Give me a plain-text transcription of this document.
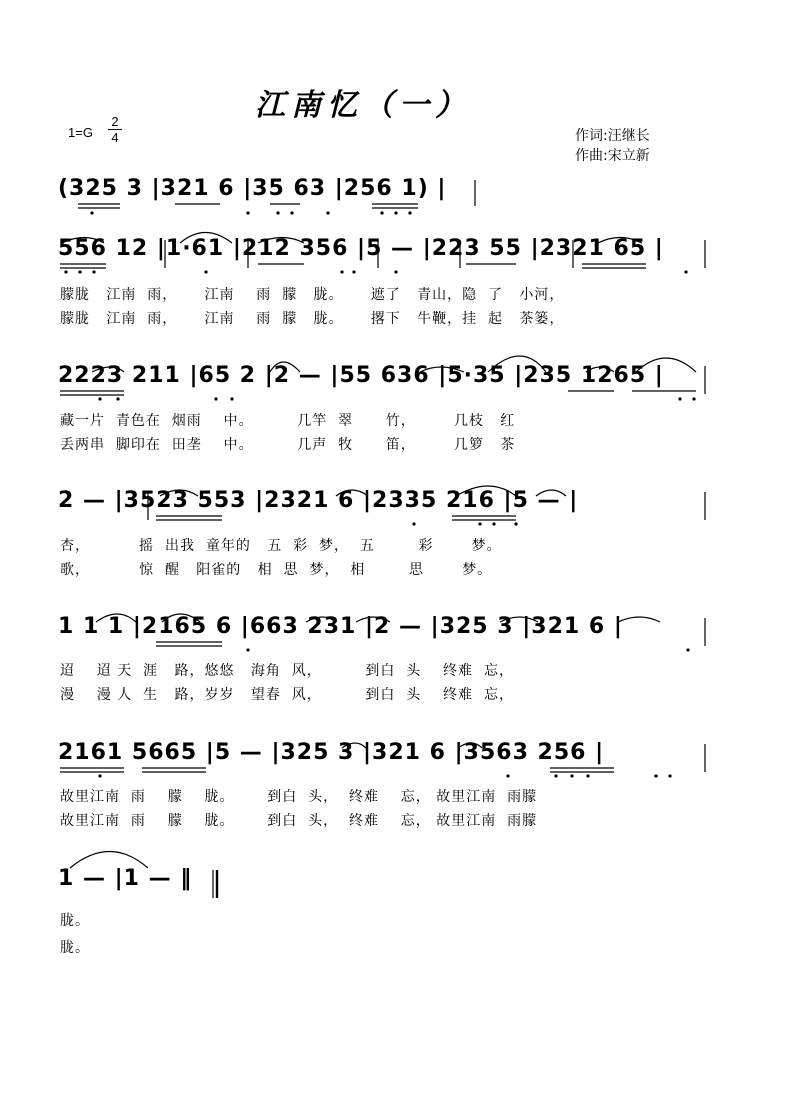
江南忆（一）
1=G
2
4	作词:汪继长
作曲:宋立新
(325 3 |321 6 |35 63 |256 1) |
556 12 |1·61 |212 356 |5 — |223 55 |2321 65 |
朦胧   江南  雨，     江南    雨  朦   胧。     遮了   青山，隐  了   小河，
朦胧   江南  雨，     江南    雨  朦   胧。     撂下   牛鞭，挂  起   茶篓，
2223 211 |65 2 |2 — |55 636 |5·35 |235 1265 |
藏一片  青色在  烟雨    中。        几竿  翠      竹，       几枝   红
丢两串  脚印在  田垄    中。        几声  牧      笛，       几箩   茶
2 — |3523 553 |2321 6 |2335 216 |5 — |
杏，         摇  出我  童年的   五  彩  梦，  五        彩       梦。
歌，         惊  醒   阳雀的   相  思  梦，  相        思       梦。
1 1 1 |2165 6 |663 231 |2 — |325 3 |321 6 |
迢    迢 天  涯   路，悠悠   海角  风，        到白  头    终难  忘，
漫    漫 人  生   路，岁岁   望春  风，        到白  头    终难  忘，
2161 5665 |5 — |325 3 |321 6 |3563 256 |
故里江南  雨    朦    胧。      到白  头，  终难    忘， 故里江南  雨朦
故里江南  雨    朦    胧。      到白  头，  终难    忘， 故里江南  雨朦
1 — |1 — ‖
胧。
胧。
